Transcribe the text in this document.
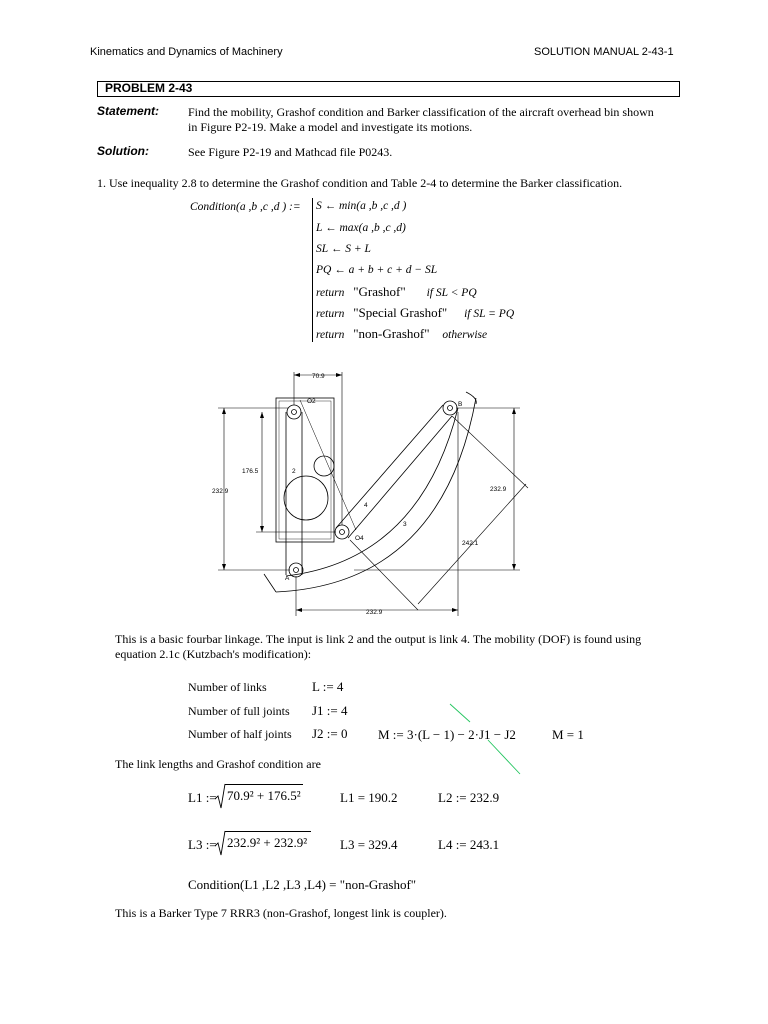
Kinematics and Dynamics of Machinery	SOLUTION MANUAL 2-43-1
PROBLEM 2-43
Statement: Find the mobility, Grashof condition and Barker classification of the aircraft overhead bin shown
in Figure P2-19. Make a model and investigate its motions.
Solution:	See Figure P2-19 and Mathcad file P0243.
1. Use inequality 2.8 to determine the Grashof condition and Table 2-4 to determine the Barker classification.
Condition(a ,b ,c ,d ) := S ← min(a ,b ,c ,d )
L ← max(a ,b ,c ,d)
SL ← S + L
PQ ← a + b + c + d − SL
return "Grashof" if SL < PQ
return "Special Grashof" if SL = PQ
return "non-Grashof" otherwise
70.9
232.9
176.5
232.9
232.9
242.1
O2
O4
A
B
2
3
4
This is a basic fourbar linkage. The input is link 2 and the output is link 4. The mobility (DOF) is found using
equation 2.1c (Kutzbach's modification):
Number of links	L := 4
Number of full joints J1 := 4
Number of half joints J2 := 0 M := 3·(L − 1) − 2·J1 − J2	M = 1
The link lengths and Grashof condition are
L1 := 70.9² + 176.5²	L1 = 190.2	L2 := 232.9
L3 := 232.9² + 232.9²	L3 = 329.4	L4 := 243.1
Condition(L1 ,L2 ,L3 ,L4) = "non-Grashof"
This is a Barker Type 7 RRR3 (non-Grashof, longest link is coupler).
